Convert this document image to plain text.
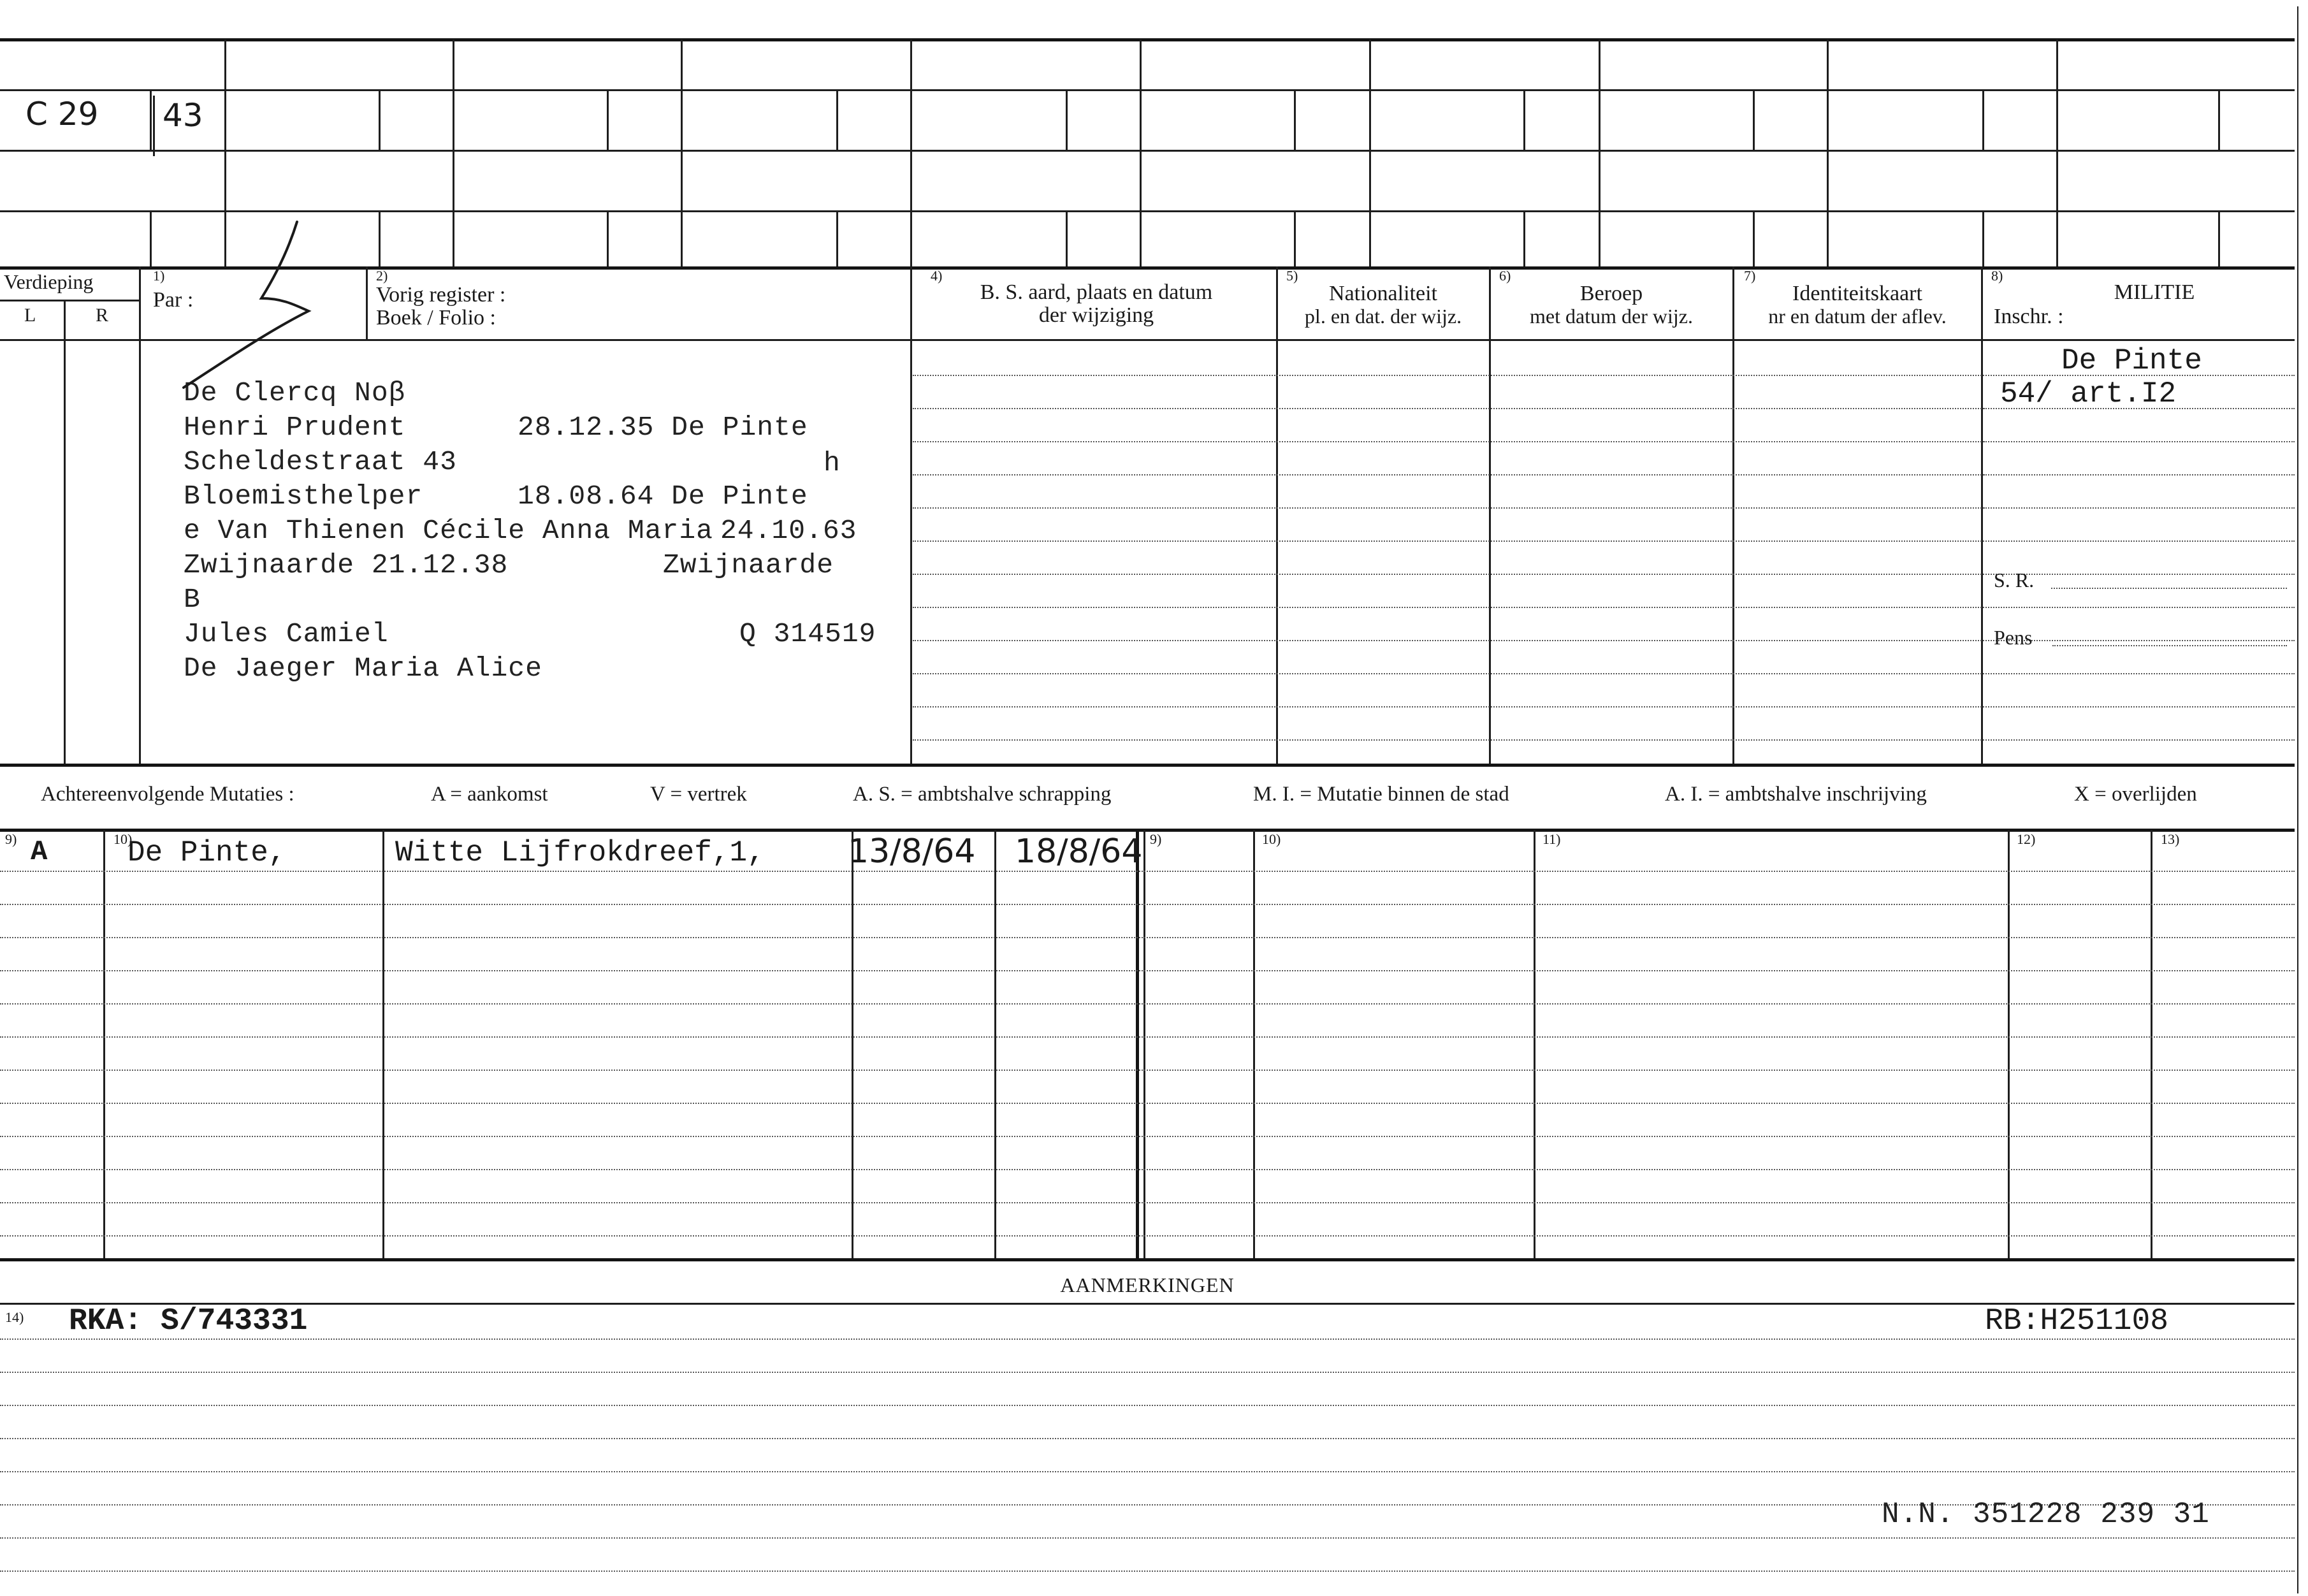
C 29 43
Verdieping
L	R
1)
Par :
2)
Vorig register :
Boek / Folio :
4)
B. S. aard, plaats en datum
der wijziging
5)
Nationaliteit
pl. en dat. der wijz.
6)
Beroep
met datum der wijz.
7)
Identiteitskaart
nr en datum der aflev.
8)
MILITIE
Inschr. :
De Clercq Noβ
Henri Prudent	28.12.35 De Pinte
Scheldestraat 43	h
Bloemisthelper	18.08.64 De Pinte
e Van Thienen Cécile Anna Maria 24.10.63
Zwijnaarde 21.12.38	Zwijnaarde
B
Jules Camiel	Q 314519
De Jaeger Maria Alice
De Pinte
54/ art.I2
S. R.
Pens
Achtereenvolgende Mutaties :	A = aankomst	V = vertrek	A. S. = ambtshalve schrapping	M. I. = Mutatie binnen de stad	A. I. = ambtshalve inschrijving	X = overlijden
9)	10)	9)	10)	11)	12)	13)
A	De Pinte,	Witte Lijfrokdreef,1,	13/8/64 18/8/64
AANMERKINGEN
14) RKA: S/743331	RB:H251108
N.N. 351228 239 31
